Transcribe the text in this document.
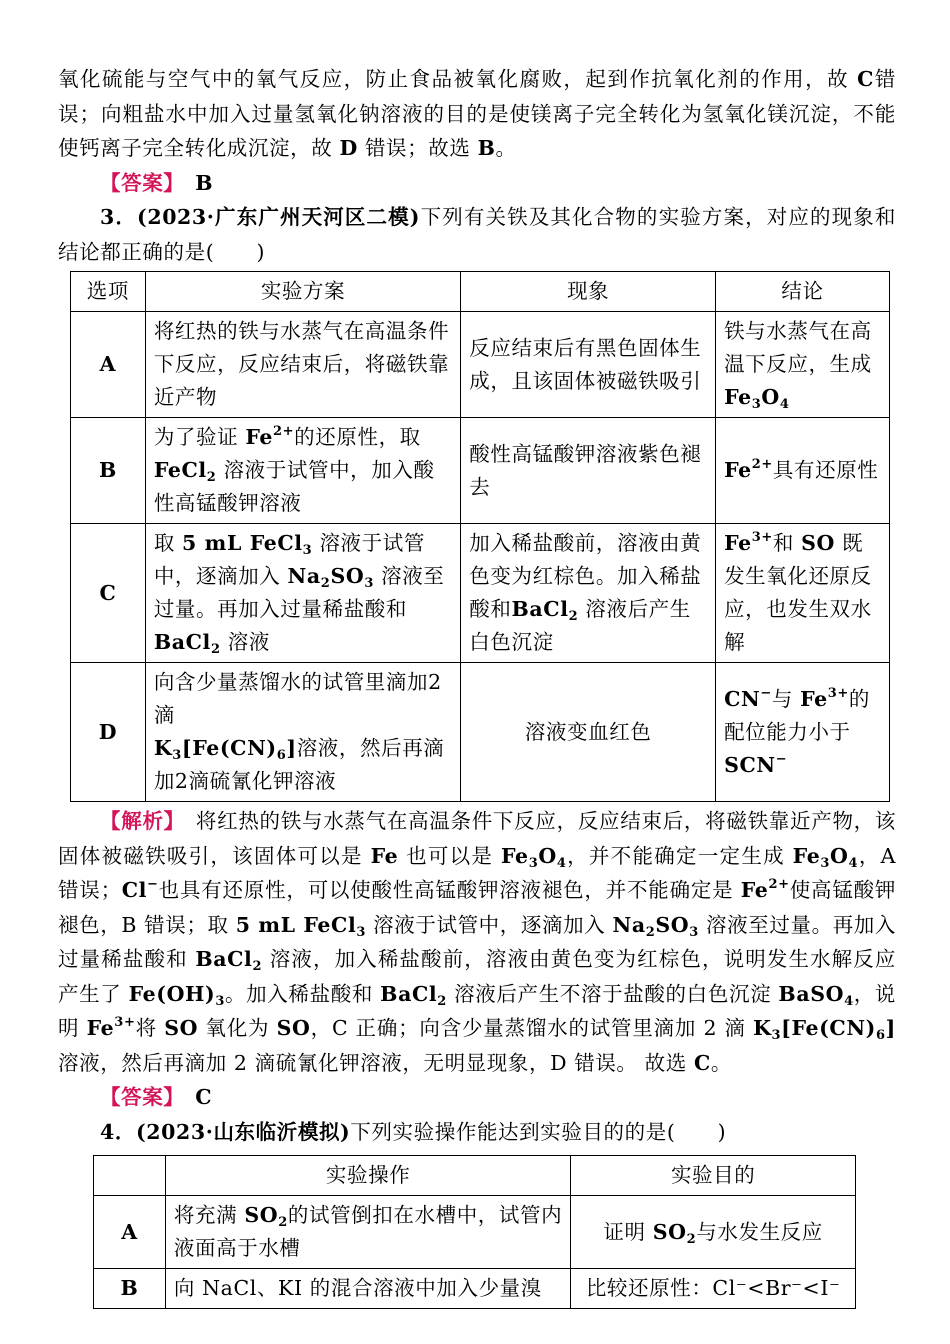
氧化硫能与空气中的氧气反应，防止食品被氧化腐败，起到作抗氧化剂的作用，故 C错误；向粗盐水中加入过量氢氧化钠溶液的目的是使镁离子完全转化为氢氧化镁沉淀，不能使钙离子完全转化成沉淀，故 D 错误；故选 B。

【答案】　 B

3．(2023·广东广州天河区二模)下列有关铁及其化合物的实验方案，对应的现象和结论都正确的是(　　)

选项	实验方案	现象	结论
A	将红热的铁与水蒸气在高温条件下反应，反应结束后，将磁铁靠近产物	反应结束后有黑色固体生成，且该固体被磁铁吸引	铁与水蒸气在高温下反应，生成 $Fe_3O_4$
B	为了验证 $Fe^{2+}$的还原性，取FeCl$_2$ 溶液于试管中，加入酸性高锰酸钾溶液	酸性高锰酸钾溶液紫色褪去	$Fe^{2+}$具有还原性
C	取 5 mL FeCl$_3$ 溶液于试管中，逐滴加入 $Na_2SO_3$ 溶液至过量。再加入过量稀盐酸和BaCl$_2$ 溶液	加入稀盐酸前，溶液由黄色变为红棕色。加入稀盐酸和BaCl$_2$ 溶液后产生白色沉淀	$Fe^{3+}$和 SO 既发生氧化还原反应，也发生双水解
D	向含少量蒸馏水的试管里滴加2滴
$K_3[Fe(CN)_6]$溶液，然后再滴加2滴硫氰化钾溶液	溶液变血红色	CN−与 $Fe^{3+}$的配位能力小于 SCN−

【解析】　 将红热的铁与水蒸气在高温条件下反应，反应结束后，将磁铁靠近产物，该固体被磁铁吸引，该固体可以是 Fe 也可以是 $Fe_3O_4$，并不能确定一定生成 $Fe_3O_4$，A 错误；Cl−也具有还原性，可以使酸性高锰酸钾溶液褪色，并不能确定是 $Fe^{2+}$使高锰酸钾褪色，B 错误；取 5 mL FeCl$_3$ 溶液于试管中，逐滴加入 $Na_2SO_3$ 溶液至过量。再加入过量稀盐酸和 BaCl$_2$ 溶液，加入稀盐酸前，溶液由黄色变为红棕色，说明发生水解反应产生了 $Fe(OH)_3$。加入稀盐酸和 BaCl$_2$ 溶液后产生不溶于盐酸的白色沉淀 BaSO$_4$，说明 $Fe^{3+}$将 SO 氧化为 SO，C 正确；向含少量蒸馏水的试管里滴加 2 滴 $K_3[Fe(CN)_6]$溶液，然后再滴加 2 滴硫氰化钾溶液，无明显现象，D 错误。 故选 C。

【答案】　 C

4．(2023·山东临沂模拟)下列实验操作能达到实验目的的是(　　)

	实验操作	实验目的
A	将充满 $SO_2$的试管倒扣在水槽中，试管内液面高于水槽	证明 $SO_2$与水发生反应
B	向 NaCl、KI 的混合溶液中加入少量溴	比较还原性：Cl⁻<Br⁻<I⁻
